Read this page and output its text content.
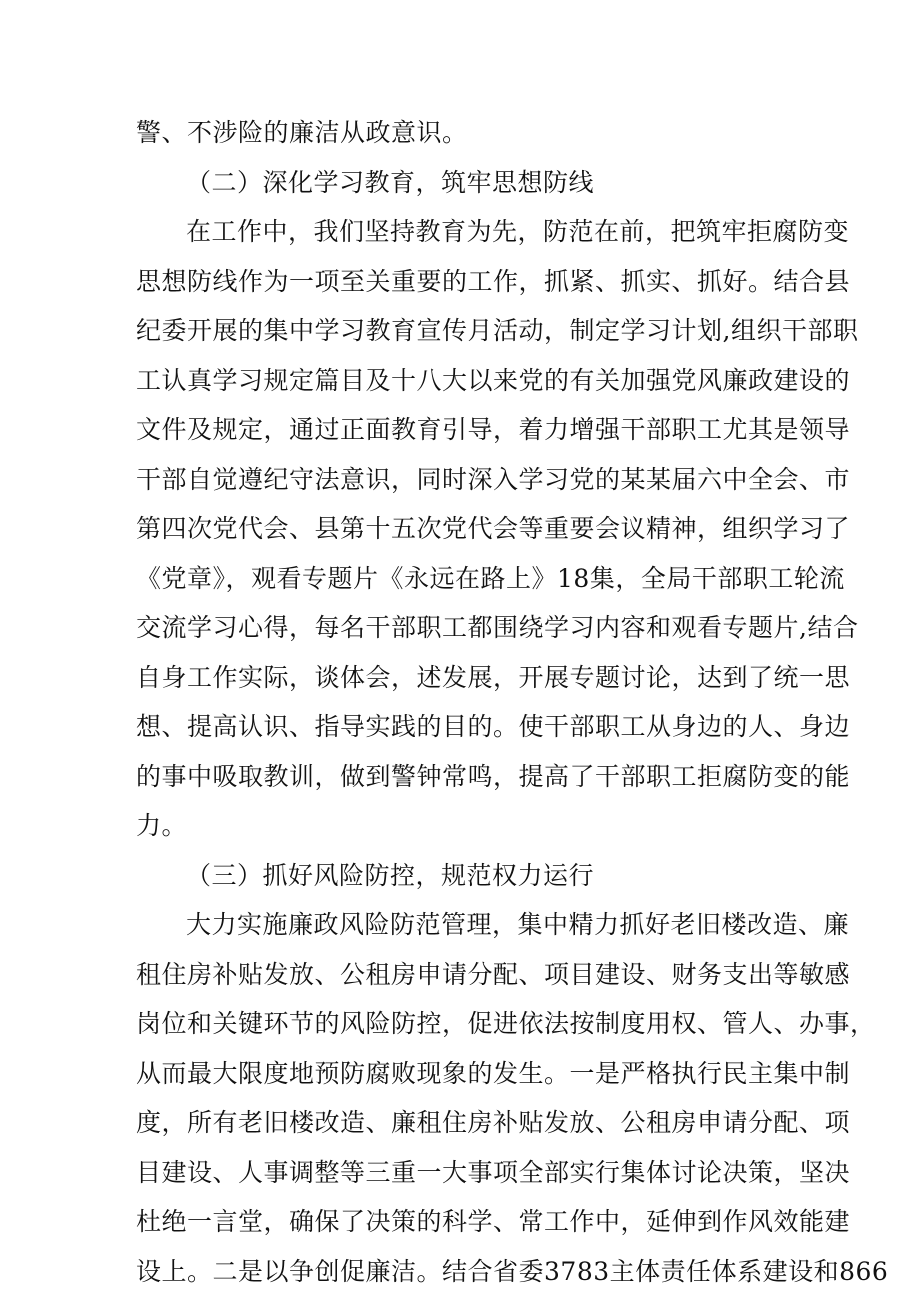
警、不涉险的廉洁从政意识。
（二）深化学习教育，筑牢思想防线
在工作中，我们坚持教育为先，防范在前，把筑牢拒腐防变
思想防线作为一项至关重要的工作，抓紧、抓实、抓好。结合县
纪委开展的集中学习教育宣传月活动，制定学习计划,组织干部职
工认真学习规定篇目及十八大以来党的有关加强党风廉政建设的
文件及规定，通过正面教育引导，着力增强干部职工尤其是领导
干部自觉遵纪守法意识，同时深入学习党的某某届六中全会、市
第四次党代会、县第十五次党代会等重要会议精神，组织学习了
《党章》，观看专题片《永远在路上》18集，全局干部职工轮流
交流学习心得，每名干部职工都围绕学习内容和观看专题片,结合
自身工作实际，谈体会，述发展，开展专题讨论，达到了统一思
想、提高认识、指导实践的目的。使干部职工从身边的人、身边
的事中吸取教训，做到警钟常鸣，提高了干部职工拒腐防变的能
力。
（三）抓好风险防控，规范权力运行
大力实施廉政风险防范管理，集中精力抓好老旧楼改造、廉
租住房补贴发放、公租房申请分配、项目建设、财务支出等敏感
岗位和关键环节的风险防控，促进依法按制度用权、管人、办事，
从而最大限度地预防腐败现象的发生。一是严格执行民主集中制
度，所有老旧楼改造、廉租住房补贴发放、公租房申请分配、项
目建设、人事调整等三重一大事项全部实行集体讨论决策，坚决
杜绝一言堂，确保了决策的科学、常工作中，延伸到作风效能建
设上。二是以争创促廉洁。结合省委3783主体责任体系建设和866
